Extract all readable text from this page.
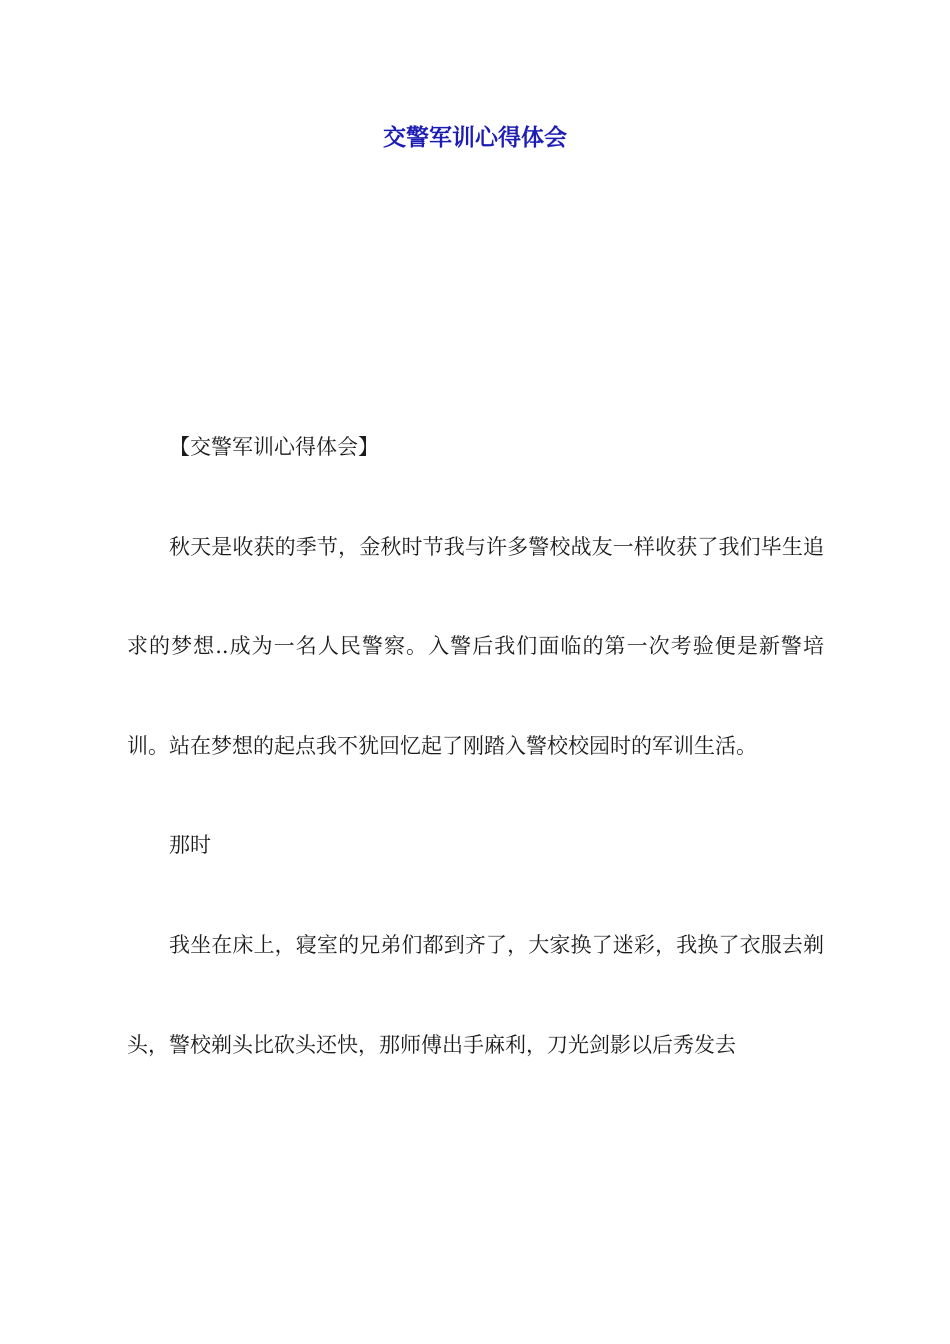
交警军训心得体会

【交警军训心得体会】

秋天是收获的季节，金秋时节我与许多警校战友一样收获了我们毕生追求的梦想..成为一名人民警察。入警后我们面临的第一次考验便是新警培训。站在梦想的起点我不犹回忆起了刚踏入警校校园时的军训生活。

那时

我坐在床上，寝室的兄弟们都到齐了，大家换了迷彩，我换了衣服去剃头，警校剃头比砍头还快，那师傅出手麻利，刀光剑影以后秀发去
